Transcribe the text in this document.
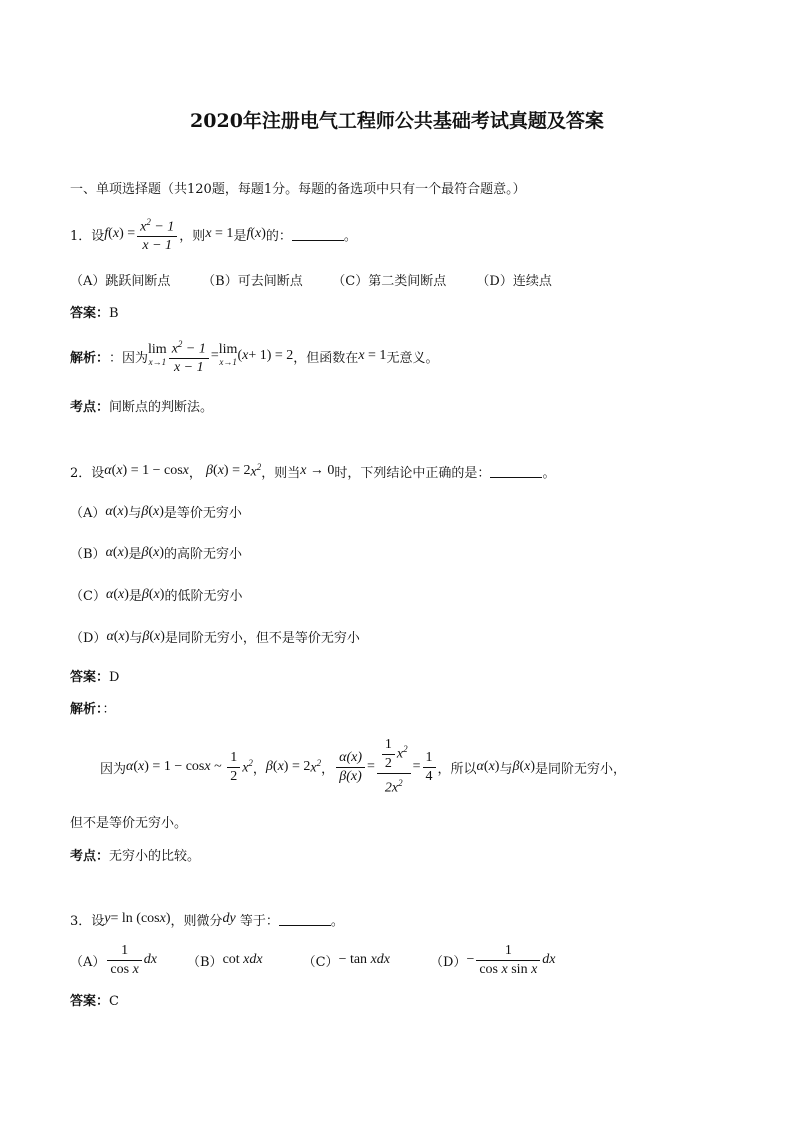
2020年注册电气工程师公共基础考试真题及答案
一、单项选择题（共120题，每题1分。每题的备选项中只有一个最符合题意。）
1．设 f ( x ) = $\frac{x^2 - 1}{x - 1}$ ，则 x = 1 是 f ( x ) 的：	。
（A）跳跃间断点 （B）可去间断点 （C）第二类间断点 （D）连续点
答案：B
解析： ：因为
lim
$x\to 1 \frac{x^2 - 1}{x - 1} = \lim$
x→1 ( x + 1) = 2 ，但函数在 x = 1 无意义。
考点：间断点的判断法。
2．设 α ( x ) = 1 − cos x ，
β ( x ) = 2 $x^2$ ，则当 x → 0 时，下列结论中正确的是：	。
（A） α ( x ) 与 β ( x ) 是等价无穷小
（B） α ( x ) 是 β ( x ) 的高阶无穷小
（C） α ( x ) 是 β ( x ) 的低阶无穷小
（D） α ( x ) 与 β ( x ) 是同阶无穷小，但不是等价无穷小
答案：D
解析：：
因为 α ( x ) = 1 − cos x ~ $\frac{1}{2} x^2$ ， β ( x ) = 2 $x^2$ ， $\frac{\alpha(x)}{\beta(x)} = \frac{\frac{1}{2} x^2}{2x^2} = \frac{1}{4}$ ，所以 α ( x ) 与 β ( x ) 是同阶无穷小，
但不是等价无穷小。
考点：无穷小的比较。
3．设 y = ln (cos x ) ，则微分 dy
等于：	。
$(A) \frac{1}{\text{cos x}}$ dx （B） cot xdx	（C） − tan xdx	$(D) - \frac{1}{\text{cos x sin x}}$ dx
答案：C
